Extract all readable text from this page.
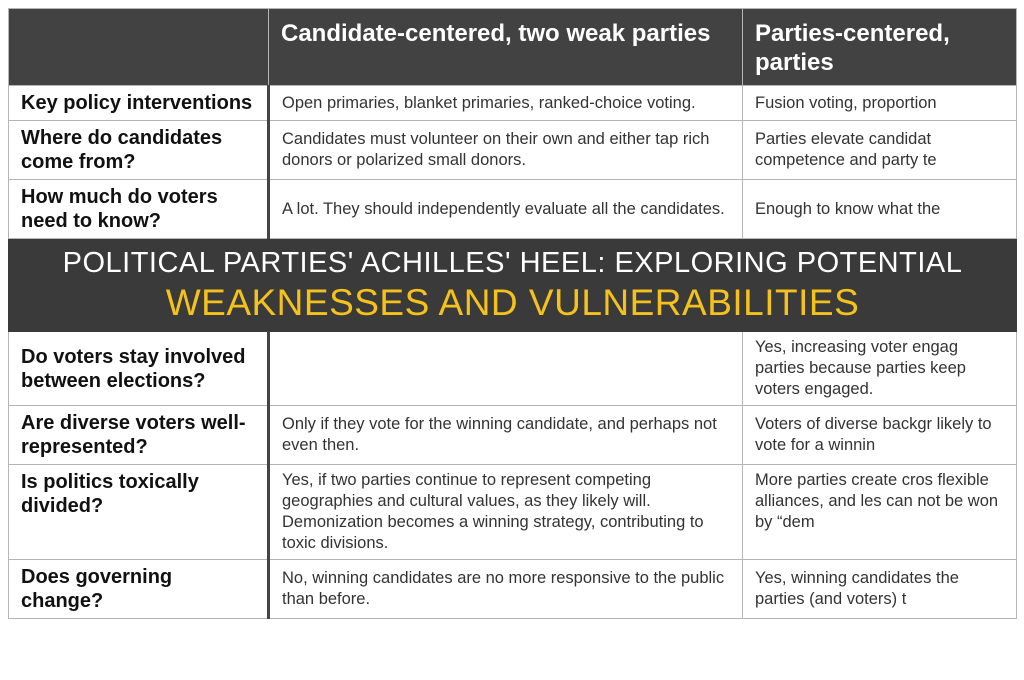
	Candidate-centered, two weak parties	Parties-centered, parties
Key policy interventions	Open primaries, blanket primaries, ranked-choice voting.	Fusion voting, proportion
Where do candidates come from?	Candidates must volunteer on their own and either tap rich donors or polarized small donors.	Parties elevate candidat competence and party te
How much do voters need to know?	A lot. They should independently evaluate all the candidates.	Enough to know what the

POLITICAL PARTIES' ACHILLES' HEEL: EXPLORING POTENTIAL
WEAKNESSES AND VULNERABILITIES		

Do voters stay involved between elections?		Yes, increasing voter engag parties because parties keep voters engaged.
Are diverse voters well-represented?	Only if they vote for the winning candidate, and perhaps not even then.	Voters of diverse backgr likely to vote for a winnin
Is politics toxically divided?	Yes, if two parties continue to represent competing geographies and cultural values, as they likely will. Demonization becomes a winning strategy, contributing to toxic divisions.	More parties create cros flexible alliances, and les can not be won by “dem
Does governing change?	No, winning candidates are no more responsive to the public than before.	Yes, winning candidates the parties (and voters) t
